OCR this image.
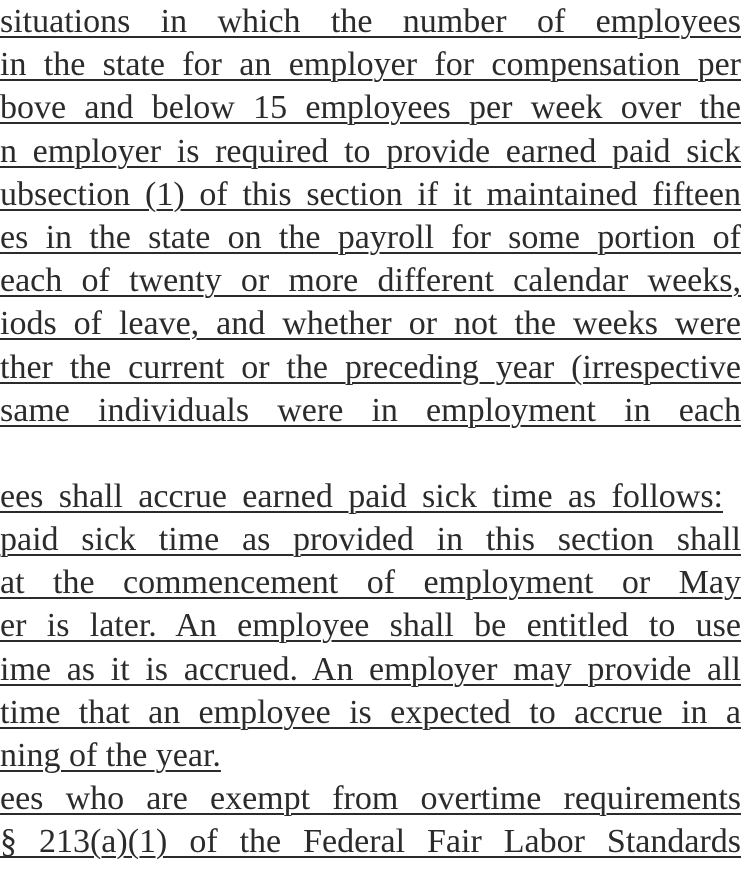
situations in which the number of employees
in the state for an employer for compensation per
bove and below 15 employees per week over the
n employer is required to provide earned paid sick
ubsection (1) of this section if it maintained fifteen
es in the state on the payroll for some portion of
each of twenty or more different calendar weeks,
iods of leave, and whether or not the weeks were
ther the current or the preceding year (irrespective
same individuals were in employment in each
ees shall accrue earned paid sick time as follows:
paid sick time as provided in this section shall
at the commencement of employment or May
er is later. An employee shall be entitled to use
ime as it is accrued. An employer may provide all
time that an employee is expected to accrue in a
ning of the year.
ees who are exempt from overtime requirements
§ 213(a)(1) of the Federal Fair Labor Standards
